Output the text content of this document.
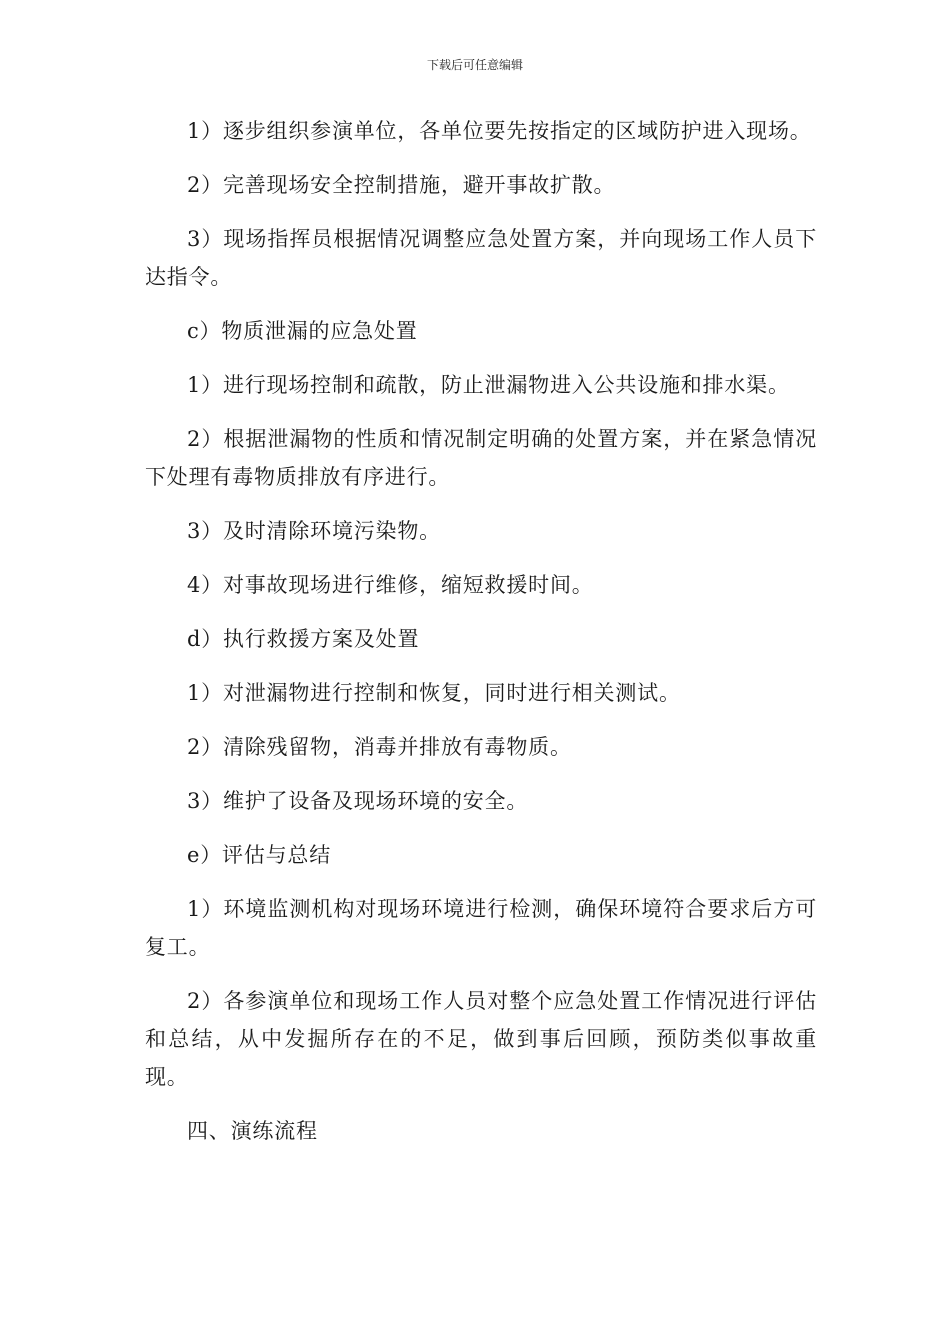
下载后可任意编辑

1）逐步组织参演单位，各单位要先按指定的区域防护进入现场。

2）完善现场安全控制措施，避开事故扩散。

3）现场指挥员根据情况调整应急处置方案，并向现场工作人员下达指令。

c）物质泄漏的应急处置

1）进行现场控制和疏散，防止泄漏物进入公共设施和排水渠。

2）根据泄漏物的性质和情况制定明确的处置方案，并在紧急情况下处理有毒物质排放有序进行。

3）及时清除环境污染物。

4）对事故现场进行维修，缩短救援时间。

d）执行救援方案及处置

1）对泄漏物进行控制和恢复，同时进行相关测试。

2）清除残留物，消毒并排放有毒物质。

3）维护了设备及现场环境的安全。

e）评估与总结

1）环境监测机构对现场环境进行检测，确保环境符合要求后方可复工。

2）各参演单位和现场工作人员对整个应急处置工作情况进行评估和总结，从中发掘所存在的不足，做到事后回顾，预防类似事故重现。

四、演练流程
